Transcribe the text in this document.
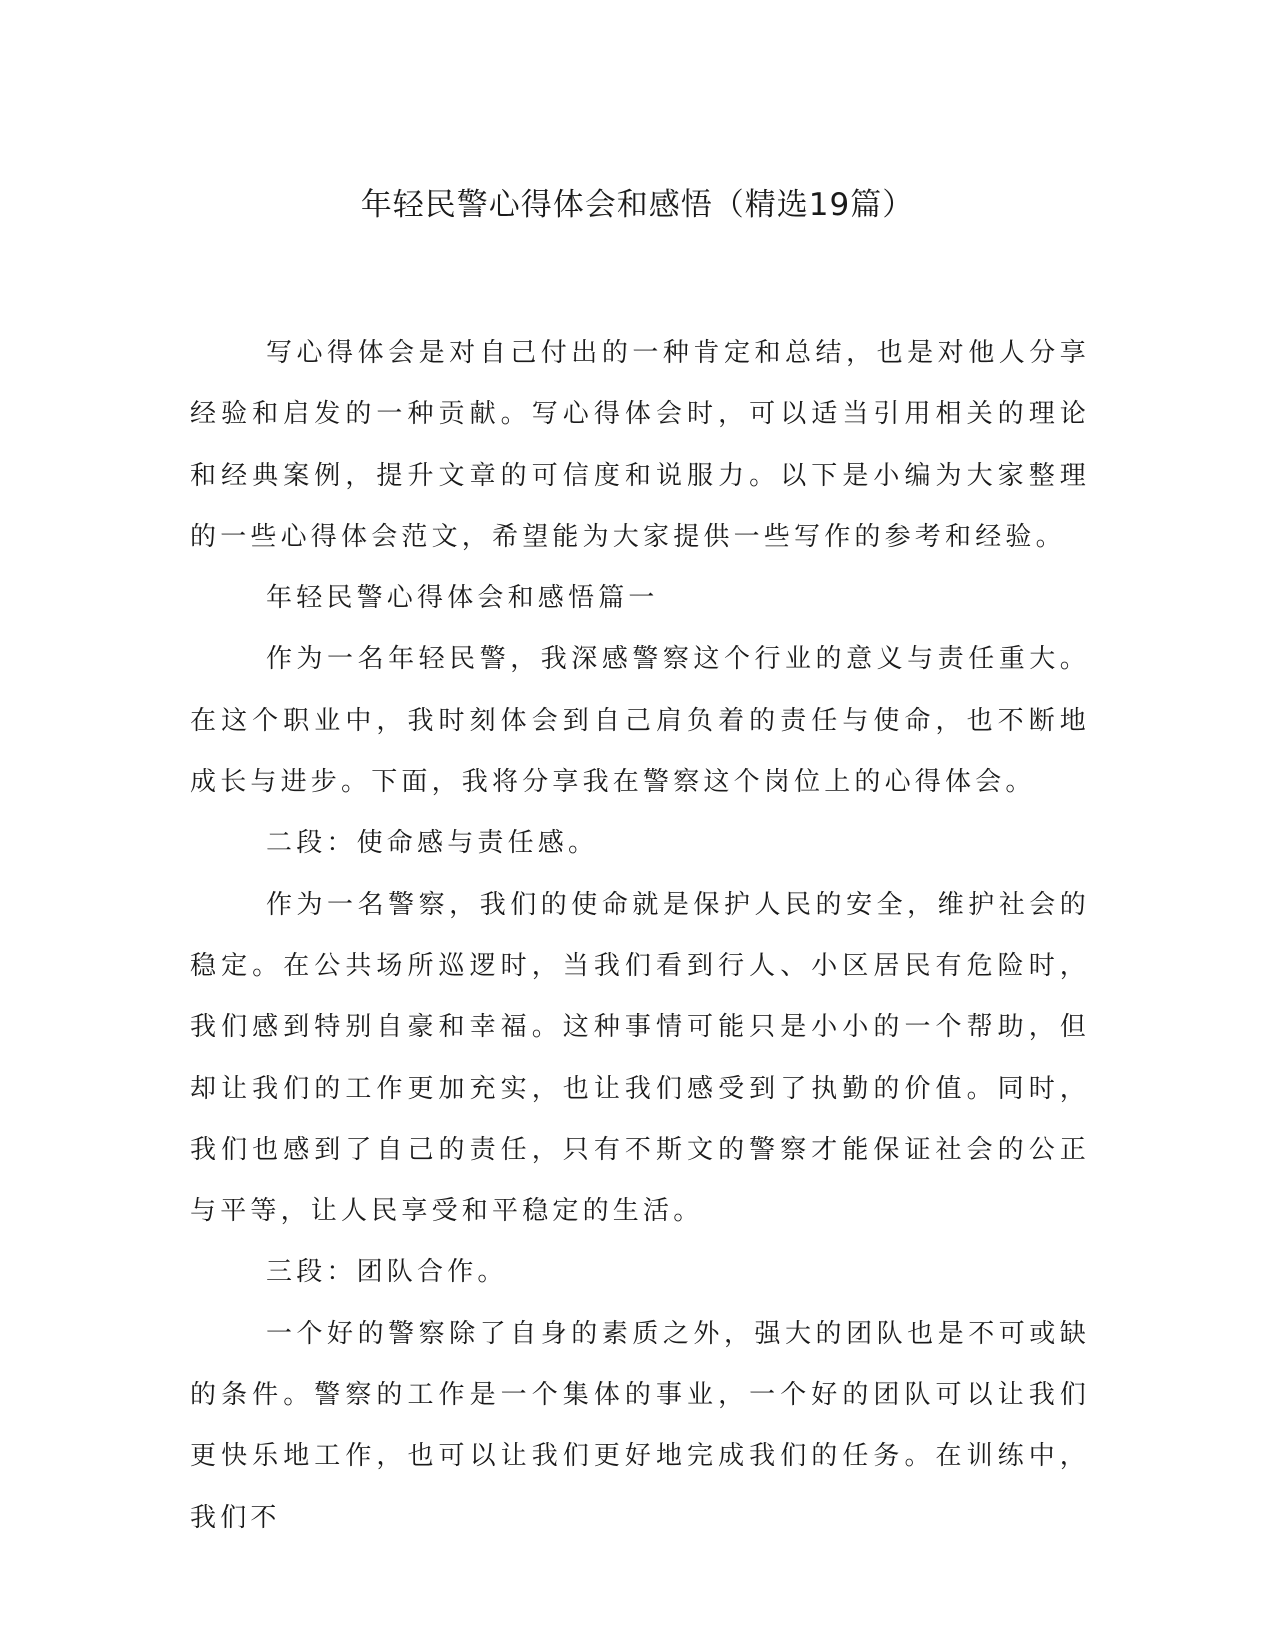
年轻民警心得体会和感悟（精选19篇）

写心得体会是对自己付出的一种肯定和总结，也是对他人分享经验和启发的一种贡献。写心得体会时，可以适当引用相关的理论和经典案例，提升文章的可信度和说服力。以下是小编为大家整理的一些心得体会范文，希望能为大家提供一些写作的参考和经验。

年轻民警心得体会和感悟篇一

作为一名年轻民警，我深感警察这个行业的意义与责任重大。在这个职业中，我时刻体会到自己肩负着的责任与使命，也不断地成长与进步。下面，我将分享我在警察这个岗位上的心得体会。

二段：使命感与责任感。

作为一名警察，我们的使命就是保护人民的安全，维护社会的稳定。在公共场所巡逻时，当我们看到行人、小区居民有危险时，我们感到特别自豪和幸福。这种事情可能只是小小的一个帮助，但却让我们的工作更加充实，也让我们感受到了执勤的价值。同时，我们也感到了自己的责任，只有不斯文的警察才能保证社会的公正与平等，让人民享受和平稳定的生活。

三段：团队合作。

一个好的警察除了自身的素质之外，强大的团队也是不可或缺的条件。警察的工作是一个集体的事业，一个好的团队可以让我们更快乐地工作，也可以让我们更好地完成我们的任务。在训练中，我们不
